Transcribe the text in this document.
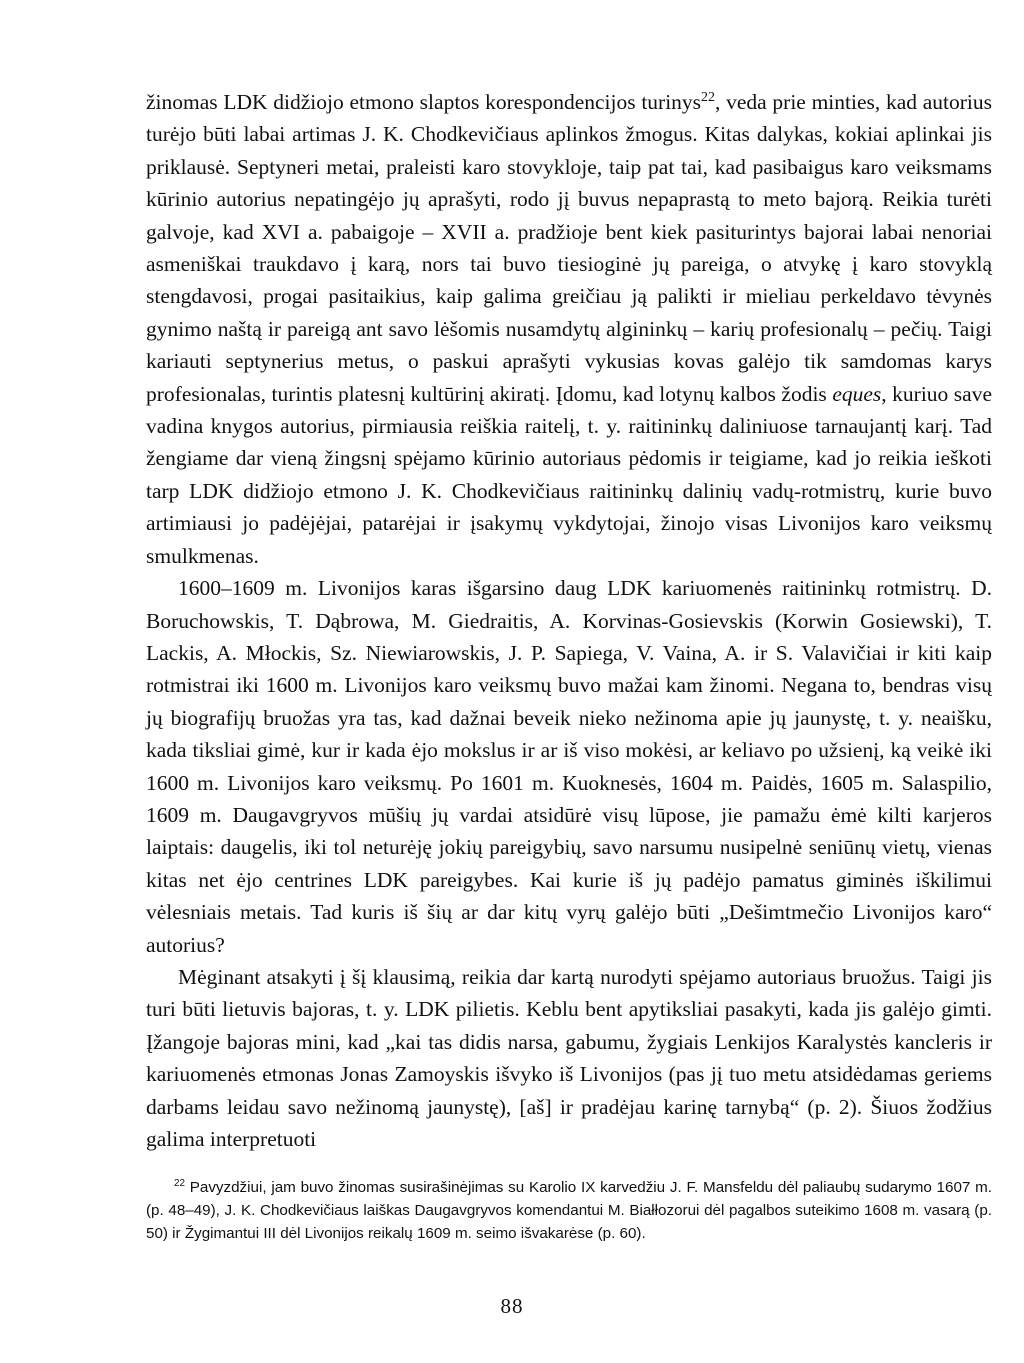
žinomas LDK didžiojo etmono slaptos korespondencijos turinys$^{22}$, veda prie minties, kad autorius turėjo būti labai artimas J. K. Chodkevičiaus aplinkos žmogus. Kitas dalykas, kokiai aplinkai jis priklausė. Septyneri metai, praleisti karo stovykloje, taip pat tai, kad pasibaigus karo veiksmams kūrinio autorius nepatingėjo jų aprašyti, rodo jį buvus nepaprastą to meto bajorą. Reikia turėti galvoje, kad XVI a. pabaigoje – XVII a. pradžioje bent kiek pasiturintys bajorai labai nenoriai asmeniškai traukdavo į karą, nors tai buvo tiesioginė jų pareiga, o atvykę į karo stovyklą stengdavosi, progai pasitaikius, kaip galima greičiau ją palikti ir mieliau perkeldavo tėvynės gynimo naštą ir pareigą ant savo lėšomis nusamdytų algininkų – karių profesionalų – pečių. Taigi kariauti septynerius metus, o paskui aprašyti vykusias kovas galėjo tik samdomas karys profesionalas, turintis platesnį kultūrinį akiratį. Įdomu, kad lotynų kalbos žodis eques, kuriuo save vadina knygos autorius, pirmiausia reiškia raitelį, t. y. raitininkų daliniuose tarnaujantį karį. Tad žengiame dar vieną žingsnį spėjamo kūrinio autoriaus pėdomis ir teigiame, kad jo reikia ieškoti tarp LDK didžiojo etmono J. K. Chodkevičiaus raitininkų dalinių vadų-rotmistrų, kurie buvo artimiausi jo padėjėjai, patarėjai ir įsakymų vykdytojai, žinojo visas Livonijos karo veiksmų smulkmenas.

1600–1609 m. Livonijos karas išgarsino daug LDK kariuomenės raitininkų rotmistrų. D. Boruchowskis, T. Dąbrowa, M. Giedraitis, A. Korvinas-Gosievskis (Korwin Gosiewski), T. Lackis, A. Młockis, Sz. Niewiarowskis, J. P. Sapiega, V. Vaina, A. ir S. Valavičiai ir kiti kaip rotmistrai iki 1600 m. Livonijos karo veiksmų buvo mažai kam žinomi. Negana to, bendras visų jų biografijų bruožas yra tas, kad dažnai beveik nieko nežinoma apie jų jaunystę, t. y. neaišku, kada tiksliai gimė, kur ir kada ėjo mokslus ir ar iš viso mokėsi, ar keliavo po užsienį, ką veikė iki 1600 m. Livonijos karo veiksmų. Po 1601 m. Kuoknesės, 1604 m. Paidės, 1605 m. Salaspilio, 1609 m. Daugavgryvos mūšių jų vardai atsidūrė visų lūpose, jie pamažu ėmė kilti karjeros laiptais: daugelis, iki tol neturėję jokių pareigybių, savo narsumu nusipelnė seniūnų vietų, vienas kitas net ėjo centrines LDK pareigybes. Kai kurie iš jų padėjo pamatus giminės iškilimui vėlesniais metais. Tad kuris iš šių ar dar kitų vyrų galėjo būti „Dešimtmečio Livonijos karo“ autorius?

Mėginant atsakyti į šį klausimą, reikia dar kartą nurodyti spėjamo autoriaus bruožus. Taigi jis turi būti lietuvis bajoras, t. y. LDK pilietis. Keblu bent apytiksliai pasakyti, kada jis galėjo gimti. Įžangoje bajoras mini, kad „kai tas didis narsa, gabumu, žygiais Lenkijos Karalystės kancleris ir kariuomenės etmonas Jonas Zamoyskis išvyko iš Livonijos (pas jį tuo metu atsidėdamas geriems darbams leidau savo nežinomą jaunystę), [aš] ir pradėjau karinę tarnybą“ (p. 2). Šiuos žodžius galima interpretuoti

$^{22}$ Pavyzdžiui, jam buvo žinomas susirašinėjimas su Karolio IX karvedžiu J. F. Mansfeldu dėl paliaubų sudarymo 1607 m. (p. 48–49), J. K. Chodkevičiaus laiškas Daugavgryvos komendantui M. Białłozorui dėl pagalbos suteikimo 1608 m. vasarą (p. 50) ir Žygimantui III dėl Livonijos reikalų 1609 m. seimo išvakarėse (p. 60).

88
